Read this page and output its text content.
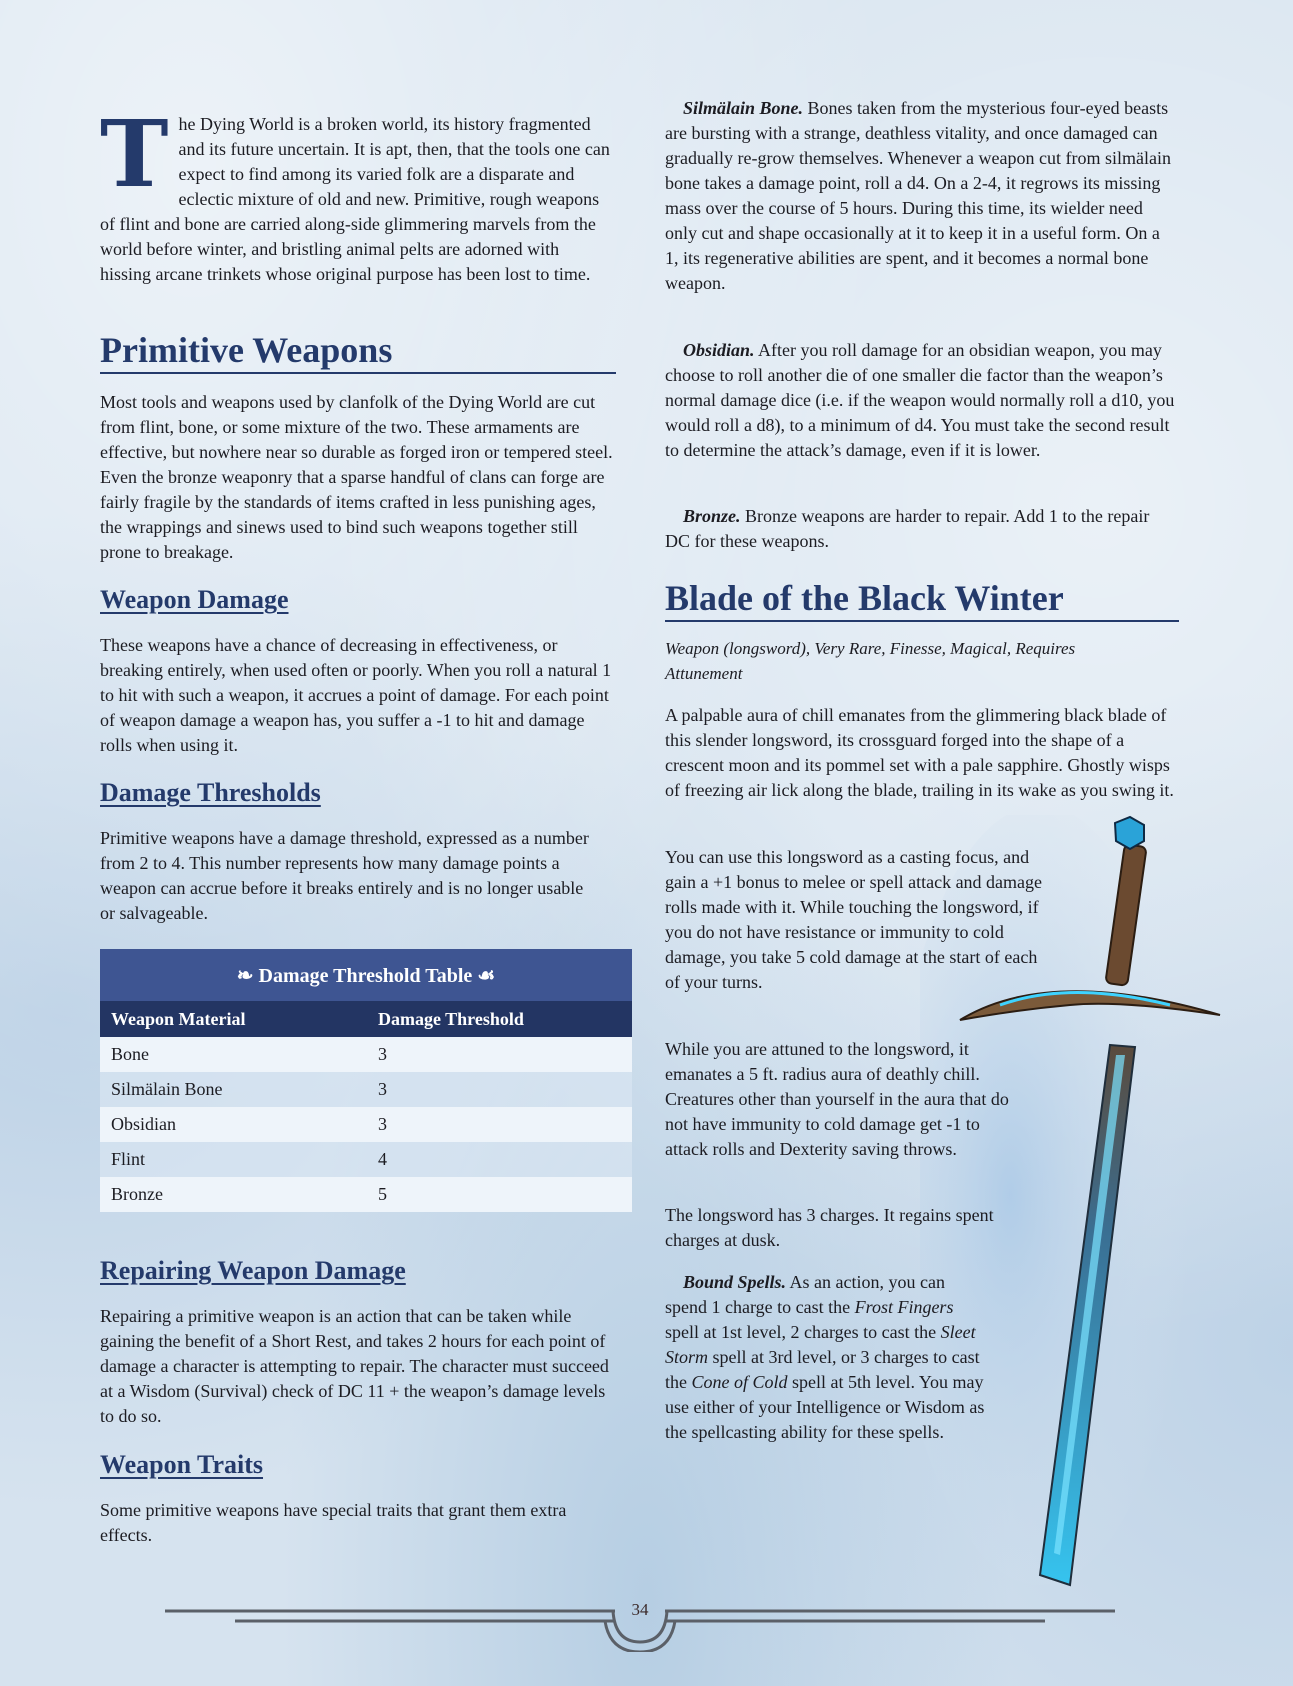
The Dying World is a broken world, its history fragmented and its future uncertain. It is apt, then, that the tools one can expect to find among its varied folk are a disparate and eclectic mixture of old and new. Primitive, rough weapons of flint and bone are carried along-side glimmering marvels from the world before winter, and bristling animal pelts are adorned with hissing arcane trinkets whose original purpose has been lost to time.

Primitive Weapons

Most tools and weapons used by clanfolk of the Dying World are cut from flint, bone, or some mixture of the two. These armaments are effective, but nowhere near so durable as forged iron or tempered steel. Even the bronze weaponry that a sparse handful of clans can forge are fairly fragile by the standards of items crafted in less punishing ages, the wrappings and sinews used to bind such weapons together still prone to breakage.

Weapon Damage

These weapons have a chance of decreasing in effectiveness, or breaking entirely, when used often or poorly. When you roll a natural 1 to hit with such a weapon, it accrues a point of damage. For each point of weapon damage a weapon has, you suffer a -1 to hit and damage rolls when using it.

Damage Thresholds

Primitive weapons have a damage threshold, expressed as a number from 2 to 4. This number represents how many damage points a weapon can accrue before it breaks entirely and is no longer usable or salvageable.

❧ Damage Threshold Table ☙	
Weapon Material	Damage Threshold
Bone	3
Silmälain Bone	3
Obsidian	3
Flint	4
Bronze	5
Repairing Weapon Damage

Repairing a primitive weapon is an action that can be taken while gaining the benefit of a Short Rest, and takes 2 hours for each point of damage a character is attempting to repair. The character must succeed at a Wisdom (Survival) check of DC 11 + the weapon’s damage levels to do so.

Weapon Traits

Some primitive weapons have special traits that grant them extra effects.

Silmälain Bone. Bones taken from the mysterious four-eyed beasts are bursting with a strange, deathless vitality, and once damaged can gradually re-grow themselves. Whenever a weapon cut from silmälain bone takes a damage point, roll a d4. On a 2-4, it regrows its missing mass over the course of 5 hours. During this time, its wielder need only cut and shape occasionally at it to keep it in a useful form. On a 1, its regenerative abilities are spent, and it becomes a normal bone weapon.

Obsidian. After you roll damage for an obsidian weapon, you may choose to roll another die of one smaller die factor than the weapon’s normal damage dice (i.e. if the weapon would normally roll a d10, you would roll a d8), to a minimum of d4. You must take the second result to determine the attack’s damage, even if it is lower.

Bronze. Bronze weapons are harder to repair. Add 1 to the repair DC for these weapons.

Blade of the Black Winter

Weapon (longsword), Very Rare, Finesse, Magical, Requires Attunement

A palpable aura of chill emanates from the glimmering black blade of this slender longsword, its crossguard forged into the shape of a crescent moon and its pommel set with a pale sapphire. Ghostly wisps of freezing air lick along the blade, trailing in its wake as you swing it.

You can use this longsword as a casting focus, and gain a +1 bonus to melee or spell attack and damage rolls made with it. While touching the longsword, if you do not have resistance or immunity to cold damage, you take 5 cold damage at the start of each of your turns.

While you are attuned to the longsword, it emanates a 5 ft. radius aura of deathly chill. Creatures other than yourself in the aura that do not have immunity to cold damage get -1 to attack rolls and Dexterity saving throws.

The longsword has 3 charges. It regains spent charges at dusk.

Bound Spells. As an action, you can spend 1 charge to cast the Frost Fingers spell at 1st level, 2 charges to cast the Sleet Storm spell at 3rd level, or 3 charges to cast the Cone of Cold spell at 5th level. You may use either of your Intelligence or Wisdom as the spellcasting ability for these spells.

34
